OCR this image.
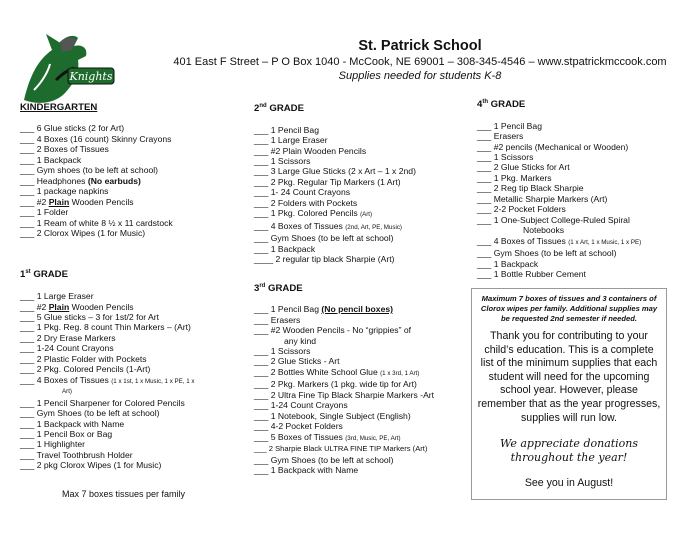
Knights
St. Patrick School
401 East F Street – P O Box 1040 - McCook, NE 69001 – 308-345-4546 – www.stpatrickmccook.com
Supplies needed for students K-8
KINDERGARTEN
___ 6 Glue sticks (2 for Art)
___ 4 Boxes (16 count) Skinny Crayons
___ 2 Boxes of Tissues
___ 1 Backpack
___ Gym shoes (to be left at school)
___ Headphones (No earbuds)
___ 1 package napkins
___ #2 Plain Wooden Pencils
___ 1 Folder
___ 1 Ream of white 8 ½ x 11 cardstock
___ 2 Clorox Wipes (1 for Music)
1st GRADE
___ 1 Large Eraser
___ #2 Plain Wooden Pencils
___ 5 Glue sticks – 3 for 1st/2 for Art
___ 1 Pkg. Reg. 8 count Thin Markers – (Art)
___ 2 Dry Erase Markers
___ 1-24 Count Crayons
___ 2 Plastic Folder with Pockets
___ 2 Pkg. Colored Pencils (1-Art)
___ 4 Boxes of Tissues (1 x 1st, 1 x Music, 1 x PE, 1 x
Art)
___ 1 Pencil Sharpener for Colored Pencils
___ Gym Shoes (to be left at school)
___ 1 Backpack with Name
___ 1 Pencil Box or Bag
___ 1 Highlighter
___ Travel Toothbrush Holder
___ 2 pkg Clorox Wipes (1 for Music)
Max 7 boxes tissues per family
2nd GRADE
___ 1 Pencil Bag
___ 1 Large Eraser
___ #2 Plain Wooden Pencils
___ 1 Scissors
___ 3 Large Glue Sticks (2 x Art – 1 x 2nd)
___ 2 Pkg. Regular Tip Markers (1 Art)
___ 1- 24 Count Crayons
___ 2 Folders with Pockets
___ 1 Pkg. Colored Pencils (Art)
___ 4 Boxes of Tissues (2nd, Art, PE, Music)
___ Gym Shoes (to be left at school)
___ 1 Backpack
____ 2 regular tip black Sharpie (Art)
3rd GRADE
___ 1 Pencil Bag (No pencil boxes)
___ Erasers
___ #2 Wooden Pencils - No “grippies” of
any kind
___ 1 Scissors
___ 2 Glue Sticks - Art
___ 2 Bottles White School Glue (1 x 3rd, 1 Art)
___ 2 Pkg. Markers (1 pkg. wide tip for Art)
___ 2 Ultra Fine Tip Black Sharpie Markers -Art
___ 1-24 Count Crayons
___ 1 Notebook, Single Subject (English)
___ 4-2 Pocket Folders
___ 5 Boxes of Tissues (3rd, Music, PE, Art)
___ 2 Sharpie Black ULTRA FINE TIP Markers (Art)
___ Gym Shoes (to be left at school)
___ 1 Backpack with Name
4th GRADE
___ 1 Pencil Bag
___ Erasers
___ #2 pencils (Mechanical or Wooden)
___ 1 Scissors
___ 2 Glue Sticks for Art
___ 1 Pkg. Markers
___ 2 Reg tip Black Sharpie
___ Metallic Sharpie Markers (Art)
___ 2-2 Pocket Folders
___ 1 One-Subject College-Ruled Spiral
Notebooks
___ 4 Boxes of Tissues (1 x Art, 1 x Music, 1 x PE)
___ Gym Shoes (to be left at school)
___ 1 Backpack
___ 1 Bottle Rubber Cement
Maximum 7 boxes of tissues and 3 containers of Clorox wipes per family. Additional supplies may be requested 2nd semester if needed.
Thank you for contributing to your child’s education. This is a complete list of the minimum supplies that each student will need for the upcoming school year. However, please remember that as the year progresses, supplies will run low.
We appreciate donations throughout the year!
See you in August!
